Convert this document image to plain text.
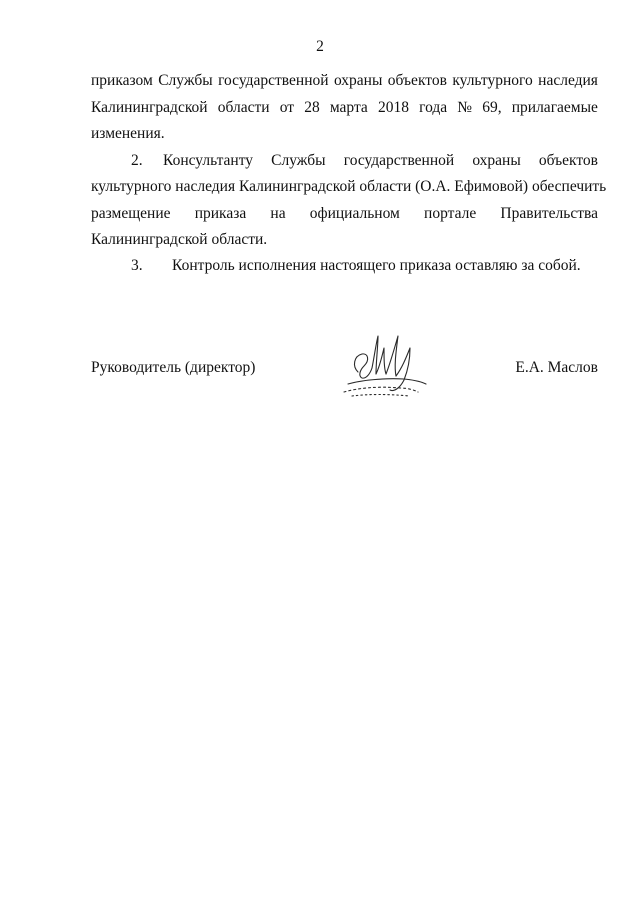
2
приказом Службы государственной охраны объектов культурного наследия
Калининградской области от 28 марта 2018 года № 69, прилагаемые
изменения.
2. Консультанту Службы государственной охраны объектов
культурного наследия Калининградской области (О.А. Ефимовой) обеспечить
размещение приказа на официальном портале Правительства
Калининградской области.
3. Контроль исполнения настоящего приказа оставляю за собой.
Руководитель (директор)	Е.А. Маслов
